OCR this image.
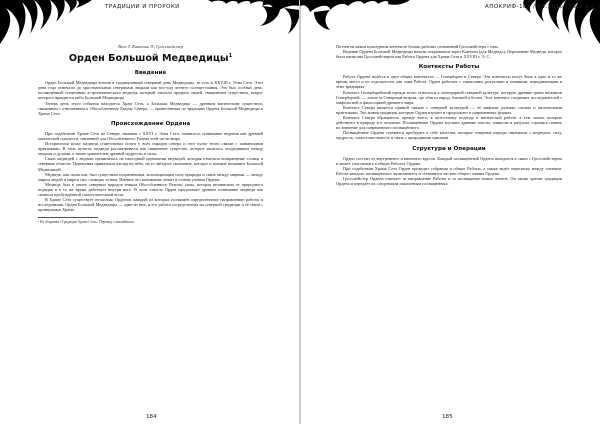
ТРАДИЦИИ И ПРОРОКИ
Веса Т. Кантони IV, Гроссмейстер
Орден Большой Медведицы$^1$
Введение

Орден Большой Медведицы возник в традиционный северный день Медведицы, то есть в XXVIII г. Эона Сета. Этот день года отмечали до христианскими северными людьми как вос-ход летнего солнцестояния. Это был особый день, посвящённый почитанию астрономического медведя, который считали предком людей, священным существом, вокруг которого вращается небо Большой Медведицы.

Теперь день этого события находится Храм Сета, а Большая Медведица — древним магическим существом, связанным с отношением к Обособленному Разуму Севера, — принесённым по традиции Ордена Большой Медведицы в Храме Сета.

Происхождение Ордена

При содействии Храма Сета на Севере, начиная с XXVI г. Эона Сета, появилось понимание ведения как древней магической сущности, связанной для Обособленного Разума этой части мира.

Исторически культ медведя существовал почти у всех народов севера и этот культ тесно связан с шаманскими практиками. В этих культах медведя рассматривали как священное существо, которое являлось посредником между людьми и духами, а также хранителем древней мудрости и силы.

Связь медведей с людьми проявлялась на ежегодной церемонии медведей, которая отмечала возвращение солнца в северные области. Церемония привлекала взгляд на небо, на то звёздное скопление, которое и поныне называют Большой Медведицей.

Медведь, как полагали, был существом пограничным, воплощающим силу природы и связь между мирами — между миром людей и миром сил, стоящих за ним. Именно это понимание лежит в основе учения Ордена.

Медведь был в опыте северных народов знаком Обособленного Разума: силы, которая независима от природного порядка и в то же время действует внутри него. В этом смысле Орден продолжает древнее понимание медведя как символа пробуждённой самостоятельной воли.

В Храме Сета существует несколько Орденов, каждый из которых посвящён определённому направлению работы и исследования. Орден Большой Медведицы — один из них, и его работа сосредоточена на северной традиции и её связи с принципами Храма.

¹ Из сборника «Традиции Храма Сета». Перевод с английского.
184
АПОКРИФ-102 / 04.2016 (Ѣ5.2 e.n.)

Поттен на каком культурном контексте близко рабочих отношений Гроссмейстера с ним.

Ведение Ордена Большой Медведицы начали открываться через Кантони (для Медведь), Церемонию Медведя, которое была написана Гроссмейстером как Работа Ордена для Храма Сета в XXVIII г. Э. С.

Контексты Работы

Работа Ордена ведётся в двух общих контекстах — Гипербореи и Севера. Эти контексты могут быть в одно и то же время, могут и по отдельности, как сама Работа. Орден работает с символами, ритуалами и знаниями, передаваемыми в этих традициях.

Контекст Гиперборейский прежде всего относится к легендарной северной культуре, которую древние греки называли Гипербореей, — земле за Северным ветром, где обитал народ, близкий к богам. Этот контекст соединяет исследователей с мифологией и философией древнего мира.

Контекст Севера является прямой связью с северной культурой — её мифами, рунами, сагами и магическими практиками. Это живая традиция, которую Орден изучает и продолжает в современных формах.

Контекст Севера обращается, прежде всего, к целостному подходу к магической работе, к тем силам, которые действуют в природе и в человеке. Посвящённые Ордена изучают древние тексты, символы и ритуалы, стремясь понять их значение для современного посвящённого.

Посвящённые Ордена стремятся пробудить в себе качества, которые северные народы связывали с медведем: силу, мудрость, самостоятельность и связь с природными циклами.

Структура и Операции

Орден состоит из внутреннего и внешнего кругов. Каждый посвящённый Ордена находится в связи с Гроссмейстером и может участвовать в общих Работах Ордена.

При содействии Храма Сета Орден проводит собрания и общие Работы, а также ведёт переписку между членами. Работа каждого посвящённого записывается и становится частью общего знания Ордена.

Гроссмейстер Ордена отвечает за направление Работы и за посвящение новых членов. Он также хранит традиции Ордена и передаёт их следующим поколениям посвящённых.

185
